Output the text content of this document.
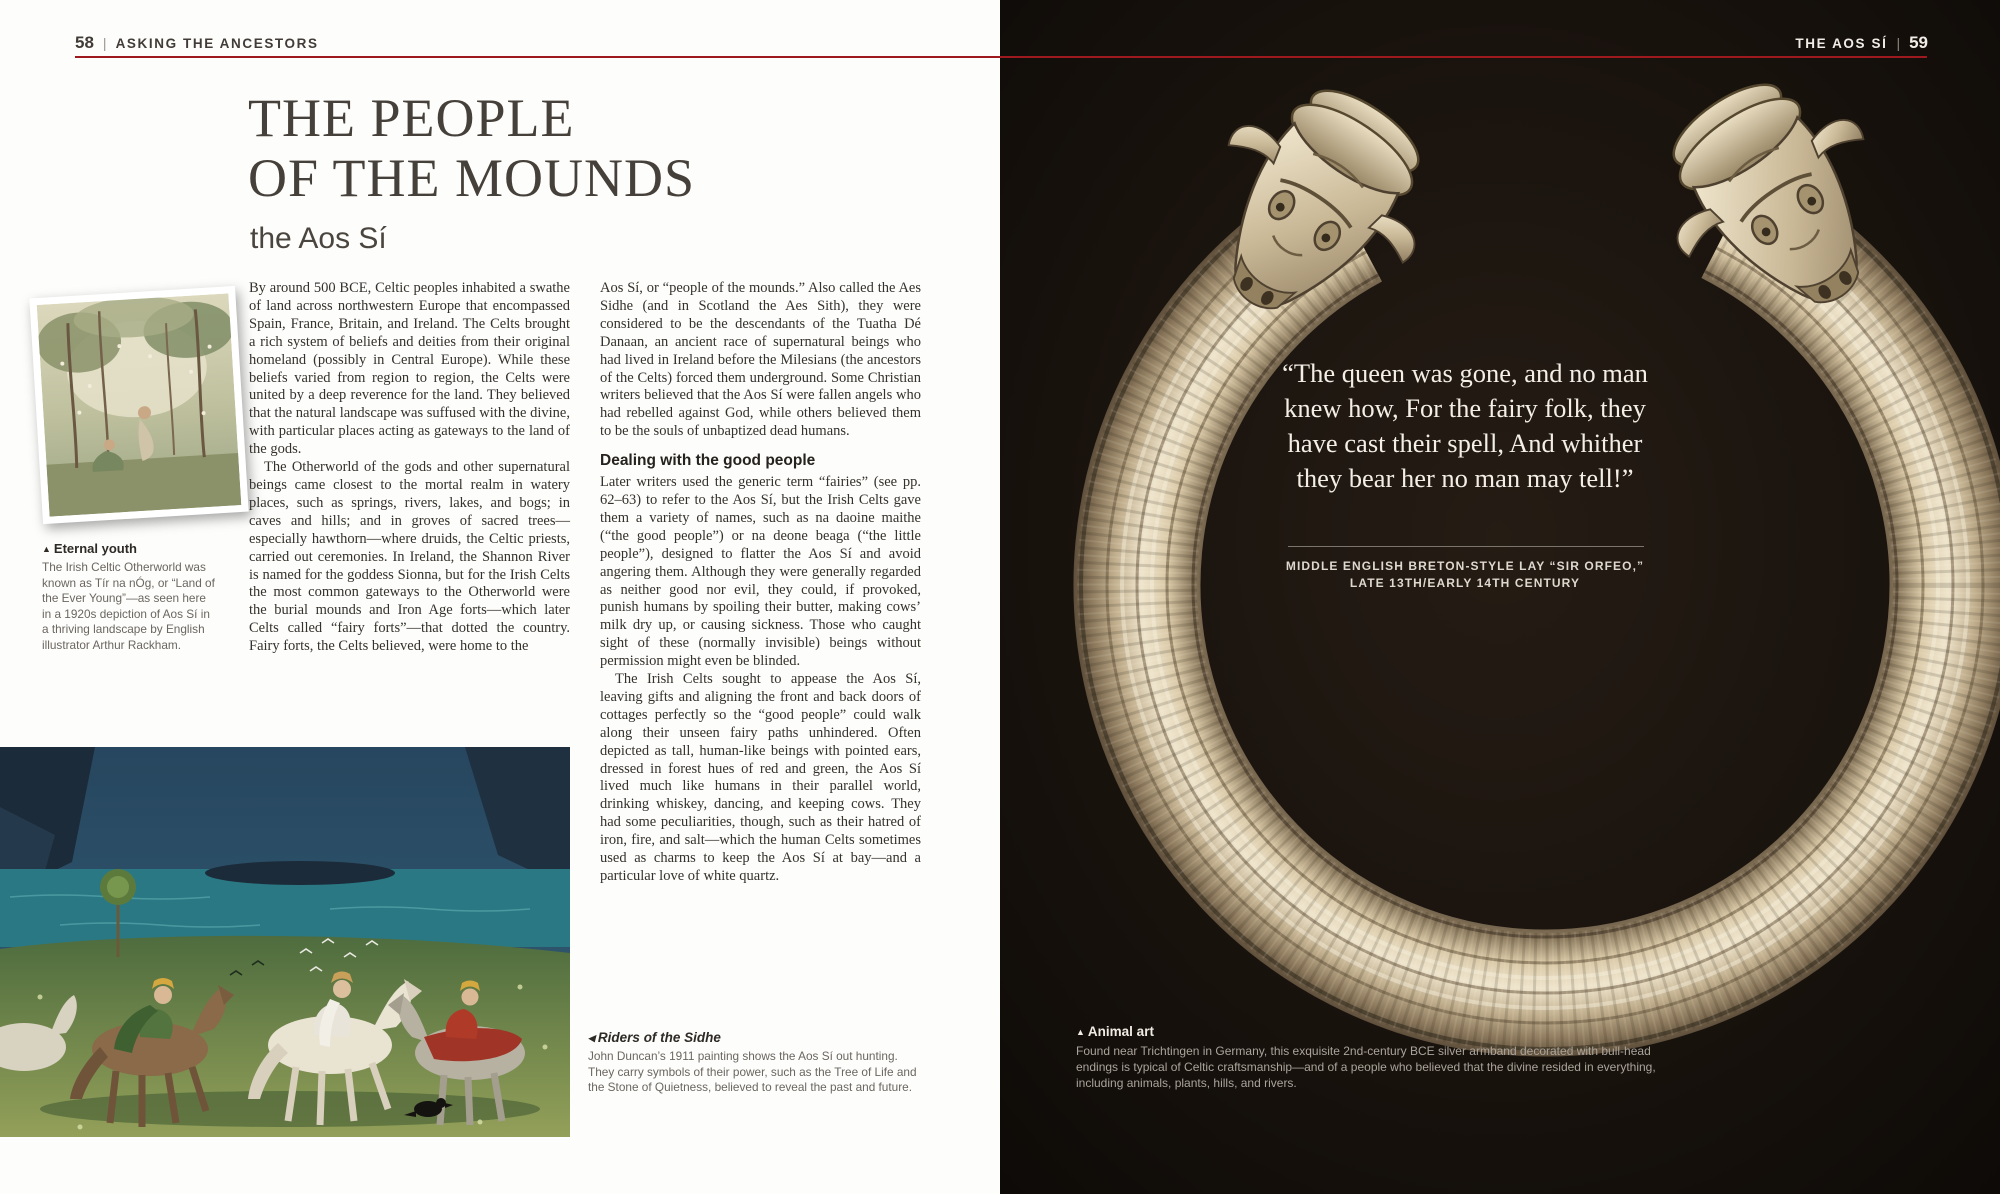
58 | ASKING THE ANCESTORS
THE PEOPLE
OF THE MOUNDS
the Aos Sí
▲ Eternal youth
The Irish Celtic Otherworld was known as Tír na nÓg, or “Land of the Ever Young”—as seen here in a 1920s depiction of Aos Sí in a thriving landscape by English illustrator Arthur Rackham.

By around 500 BCE, Celtic peoples inhabited a swathe of land across northwestern Europe that encompassed Spain, France, Britain, and Ireland. The Celts brought a rich system of beliefs and deities from their original homeland (possibly in Central Europe). While these beliefs varied from region to region, the Celts were united by a deep reverence for the land. They believed that the natural landscape was suffused with the divine, with particular places acting as gateways to the land of the gods.

The Otherworld of the gods and other supernatural beings came closest to the mortal realm in watery places, such as springs, rivers, lakes, and bogs; in caves and hills; and in groves of sacred trees—especially hawthorn—where druids, the Celtic priests, carried out ceremonies. In Ireland, the Shannon River is named for the goddess Sionna, but for the Irish Celts the most common gateways to the Otherworld were the burial mounds and Iron Age forts—which later Celts called “fairy forts”—that dotted the country. Fairy forts, the Celts believed, were home to the

Aos Sí, or “people of the mounds.” Also called the Aes Sidhe (and in Scotland the Aes Sith), they were considered to be the descendants of the Tuatha Dé Danaan, an ancient race of supernatural beings who had lived in Ireland before the Milesians (the ancestors of the Celts) forced them underground. Some Christian writers believed that the Aos Sí were fallen angels who had rebelled against God, while others believed them to be the souls of unbaptized dead humans.

Dealing with the good people

Later writers used the generic term “fairies” (see pp. 62–63) to refer to the Aos Sí, but the Irish Celts gave them a variety of names, such as na daoine maithe (“the good people”) or na deone beaga (“the little people”), designed to flatter the Aos Sí and avoid angering them. Although they were generally regarded as neither good nor evil, they could, if provoked, punish humans by spoiling their butter, making cows’ milk dry up, or causing sickness. Those who caught sight of these (normally invisible) beings without permission might even be blinded.

The Irish Celts sought to appease the Aos Sí, leaving gifts and aligning the front and back doors of cottages perfectly so the “good people” could walk along their unseen fairy paths unhindered. Often depicted as tall, human-like beings with pointed ears, dressed in forest hues of red and green, the Aos Sí lived much like humans in their parallel world, drinking whiskey, dancing, and keeping cows. They had some peculiarities, though, such as their hatred of iron, fire, and salt—which the human Celts sometimes used as charms to keep the Aos Sí at bay—and a particular love of white quartz.

◀ Riders of the Sidhe
John Duncan’s 1911 painting shows the Aos Sí out hunting. They carry symbols of their power, such as the Tree of Life and the Stone of Quietness, believed to reveal the past and future.
THE AOS SÍ | 59
“The queen was gone, and no man
knew how, For the fairy folk, they
have cast their spell, And whither
they bear her no man may tell!”
MIDDLE ENGLISH BRETON-STYLE LAY “SIR ORFEO,”
LATE 13TH/EARLY 14TH CENTURY
▲ Animal art
Found near Trichtingen in Germany, this exquisite 2nd-century BCE silver armband decorated with bull-head endings is typical of Celtic craftsmanship—and of a people who believed that the divine resided in everything, including animals, plants, hills, and rivers.
